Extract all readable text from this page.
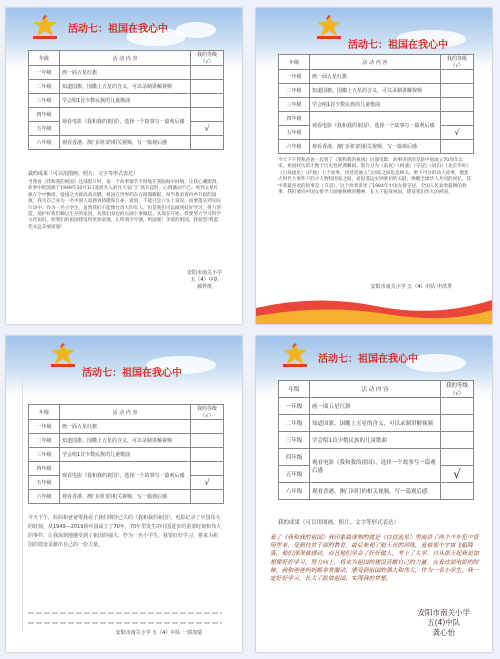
活动七：祖国在我心中
年级	活 动 内 容	我的等级（√）
一年级	画一面五星红旗	
二年级	知道国旗、国徽上五星的含义，可以录制讲解视频	
三年级	学会唱1首少数民族的儿童歌曲	
四年级	观看电影《我和我的祖国》，选择一个故事写一篇观后感	
五年级		√
六年级	观看香港、澳门回归的相关视频，写一篇观后感	
我的成果（可以用图画、照片、文字等形式表达）
当我看《我和我的祖国》这部影片时，第一个故事情节不时地在我脑海中回响。让我心潮澎湃。故事中把国旗于1949年10月1日凌晨升入前往天安门广场升起时，心情激动不已。看到五星红旗在空中飘扬，爱国之火被高高点燃。祖国在世界的东方璀璨耀眼，每当我看着冉冉升起的国旗，我为自己身为一名中国人而感到骄傲和自豪，爱国，不能只是口头上说说，而要落实到实际行动中。作为一名小学生，虽然我们不能像台湾大的军人、但是我们可以做到好好学习，努力创造，爱护好我们赖以生存的家园，从我们身边的点滴小事做起。从现在开始，我要努力学习科学文化知识，把我们的祖国建设得更加富强，正所谓少年强，则国强！亲爱的祖国，我爱您!我愿您永远美丽富强!
安阳市南关小学
五（4）中队
郝梓凯
活动七：祖国在我心中
年级	活 动 内 容	我的等级（√）
一年级	画一面五星红旗	
二年级	知道国旗、国徽上五星的含义，可以录制讲解视频	
三年级	学会唱1首少数民族的儿童歌曲	
四年级	观看电影《我和我的祖国》，选择一个故事写一篇观后感	
五年级		√
六年级	观看香港、澳门回归的相关视频，写一篇观后感	
今天下午我和爸爸一起看了《我和我的祖国》这部电影，故事讲述的是新中国成立70周年以来，祖国经历的无数个历史性经典瞬间。影片分为《前夜》《相遇》《夺冠》《回归》《北京你好》《白昼流星》《护航》七个故事，讲述普通人与国家之间息息相关、密不可分的动人故事，聚焦大时代大事件下的小人物和国家之间，看似遥远实则密切的关联，唤醒全球华人共同的回忆。其中我最喜欢的故事是《夺冠》，这个故事讲述了1984年中国女排夺冠，全国人民欢欣鼓舞的故事。我们要向中国女排学习顽强拼搏的精神，长大了报效祖国，建设我们伟大的祖国。
安阳市南关小学 五（4）中队 申洪季
活动七：祖国在我心中
年级	活 动 内 容	我的等级（√）
一年级	画一面五星红旗	
二年级	知道国旗、国徽上五星的含义，可以录制讲解视频	
三年级	学会唱1首少数民族的儿童歌曲	
四年级	观看电影《我和我的祖国》，选择一个故事写一篇观后感	
五年级		√
六年级	观看香港、澳门回归的相关视频，写一篇观后感	
今天下午，妈妈和爸爸带我看了我们期待已久的《我和我的祖国》，电影记录了中国伟大的时刻，从1949—2019新中国成立了70年，70年里发生的中国进步的重要时刻和伟大的事件，让我深刻地感受到了祖国的强大，作为一名小学生，我要好好学习，将来为祖国的建设贡献出自己的一份力量。
安阳市南关小学 五（4）中队 一郭加瑞
活动七：祖国在我心中
年级	活 动 内 容	我的等级（√）
一年级	画一面五星红旗	
二年级	知道国旗、国徽上五星的含义，可以录制讲解视频	
三年级	学会唱1首少数民族的儿童歌曲	
四年级	观看电影《我和我的祖国》，选择一个故事写一篇观后感	
五年级		√
六年级	观看香港、澳门回归的相关视频，写一篇观后感	
我的成果（可以用图画、照片、文字等形式表达）
看了《我和我的祖国》我印象最深刻的就是《白昼流星》里面讲了两个少年犯少管所里来，受到扶贫干部的教育，最后参观了航天员的训练，看着那个宇宙飞船降落，他们深深被感动，而且他们学会了好好做人，考上了大学。自从那天起我更加想要好好学习，努力向上，将来为祖国的建设贡献自己的力量。在看这部电影的时候，我和爸爸妈妈都非常激动，感受到祖国的强大和伟大，作为一名小学生，我一定好好学习，长大了报效祖国，实现我的梦想。
安阳市南关小学
五(4)中队
龚心怡
